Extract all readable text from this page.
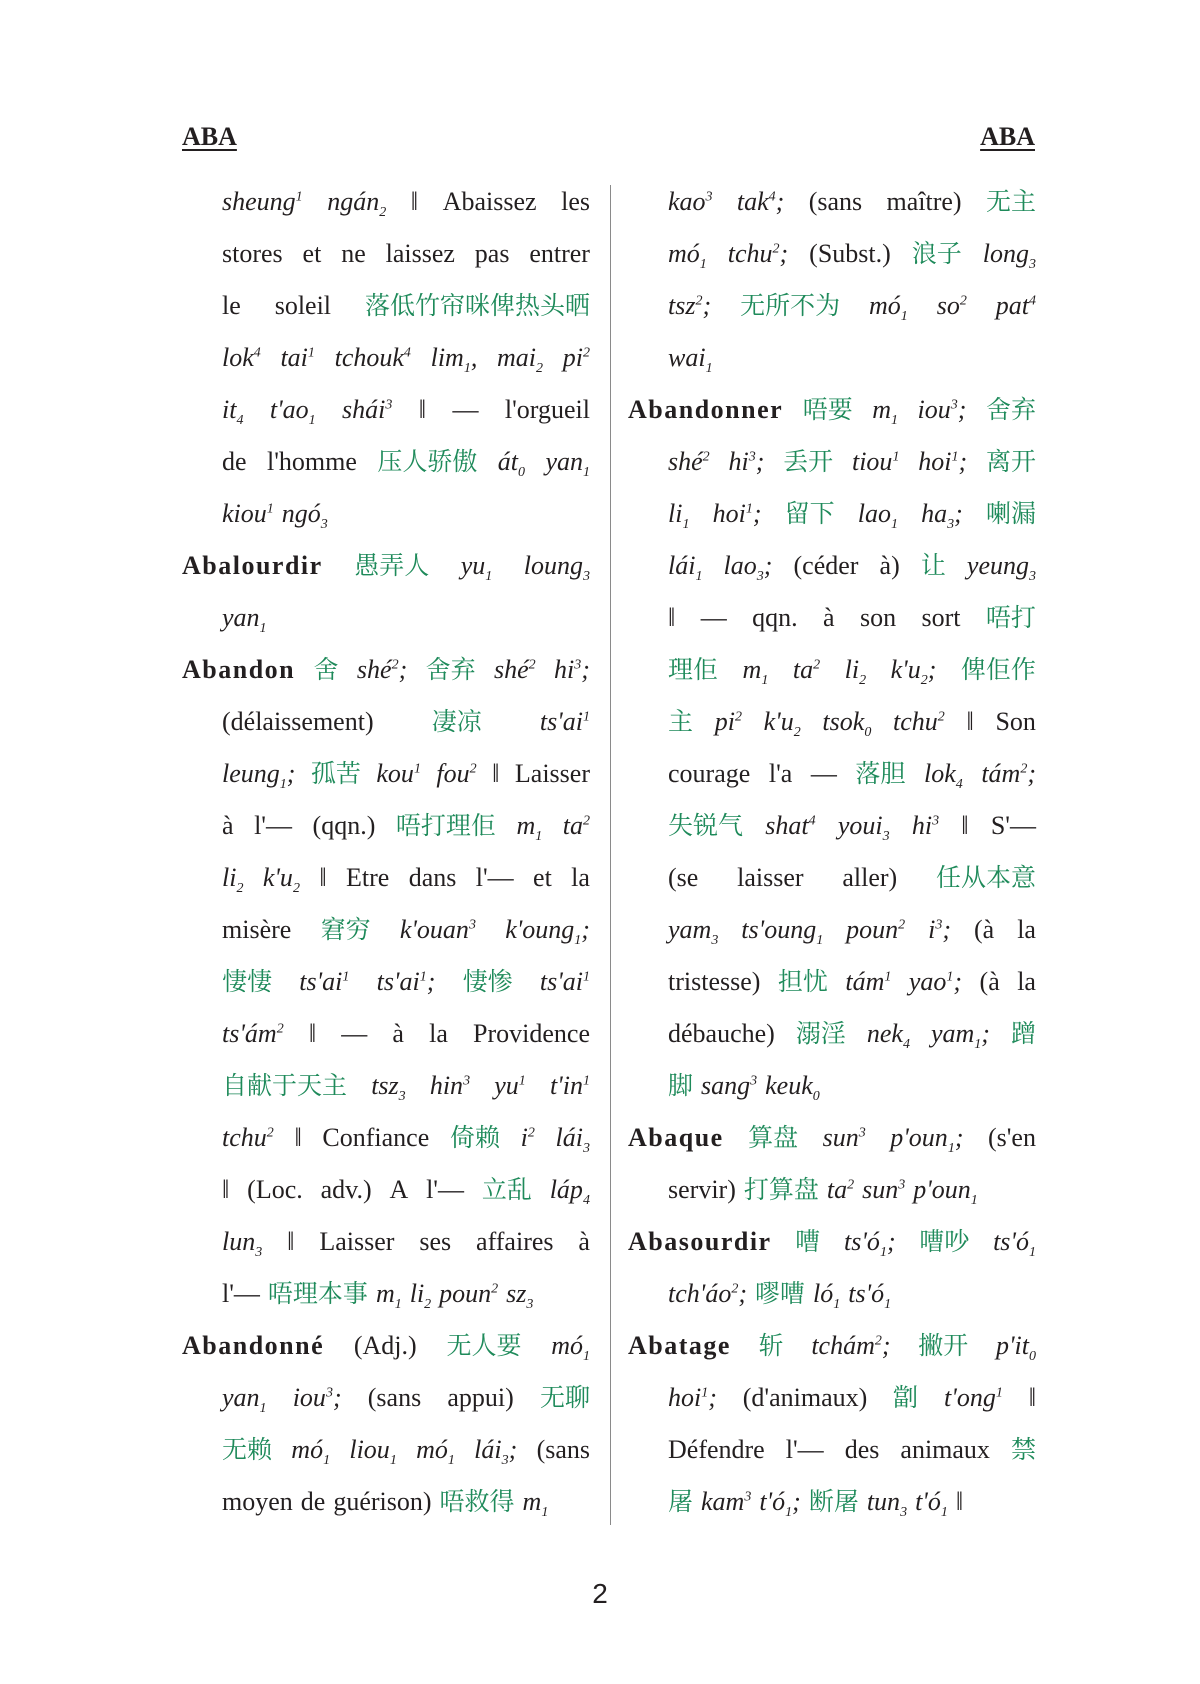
ABA	ABA
sheung$^1$ ngán$_2$ ‖ Abaissez les
stores et ne laissez pas entrer
le soleil 落低竹帘咪俾热头晒
lok$^4$ tai$^1$ tchouk$^4$ $\lim_1$, mai$_2$ $pi^2$
$it_4$ $t'ao_1$ shái$^3$ ‖ — l'orgueil
de l'homme 压人骄傲 $át_0$ yan$_1$
kiou$^1$ ngó$_3$
Abalourdir 愚弄人 $yu_1$ loung$_3$
yan$_1$
Abandon 舍 shé$^2$; 舍弃 shé$^2$ $hi^3$;
(délaissement) 凄凉 $ts'ai^1$
leung$_1$; 孤苦 kou$^1$ fou$^2$ ‖ Laisser
à l'— (qqn.) 唔打理佢 $m_1$ $ta^2$
$li_2$ $k'u_2$ ‖ Etre dans l'— et la
misère 窘穷 k'ouan$^3$ k'oung$_1$;
悽悽 $ts'ai^1$ $ts'ai^1$; 悽惨 $ts'ai^1$
$ts'ám^2$ ‖ — à la Providence
自献于天主 tsz$_3$ hin$^3$ $yu^1$ $t'in^1$
tchu$^2$ ‖ Confiance 倚赖 $i^2$ lái$_3$
‖ (Loc. adv.) A l'— 立乱 láp$_4$
lun$_3$ ‖ Laisser ses affaires à
l'— 唔理本事 $m_1$ $li_2$ poun$^2$ $sz_3$
Abandonné (Adj.) 无人要 $mó_1$
yan$_1$ iou$^3$; (sans appui) 无聊
无赖 $mó_1$ liou$_1$ $mó_1$ lái$_3$; (sans
moyen de guérison) 唔救得 $m_1$
kao$^3$ tak$^4$; (sans maître) 无主
$mó_1$ tchu$^2$; (Subst.) 浪子 long$_3$
tsz$^2$; 无所不为 $mó_1$ $so^2$ pat$^4$
wai$_1$
Abandonner 唔要 $m_1$ iou$^3$; 舍弃
shé$^2$ $hi^3$; 丢开 tiou$^1$ hoi$^1$; 离开
$li_1$ hoi$^1$; 留下 lao$_1$ $ha_3$; 喇漏
lái$_1$ lao$_3$; (céder à) 让 yeung$_3$
‖ — qqn. à son sort 唔打
理佢 $m_1$ $ta^2$ $li_2$ $k'u_2$; 俾佢作
主 $pi^2$ $k'u_2$ tsok$_0$ tchu$^2$ ‖ Son
courage l'a — 落胆 lok$_4$ tám$^2$;
失锐气 shat$^4$ youi$_3$ $hi^3$ ‖ S'—
(se laisser aller) 任从本意
yam$_3$ ts'oung$_1$ poun$^2$ $i^3$; (à la
tristesse) 担忧 tám$^1$ yao$^1$; (à la
débauche) 溺淫 nek$_4$ yam$_1$; 蹭
脚 sang$^3$ keuk$_0$
Abaque 算盘 sun$^3$ p'oun$_1$; (s'en
servir) 打算盘 $ta^2$ sun$^3$ p'oun$_1$
Abasourdir 嘈 $ts'ó_1$; 嘈吵 $ts'ó_1$
$tch'áo^2$; 嘐嘈 $ló_1$ $ts'ó_1$
Abatage 斩 tchám$^2$; 撇开 $p'it_0$
hoi$^1$; (d'animaux) 劏 t'ong$^1$ ‖
Défendre l'— des animaux 禁
屠 kam$^3$ $t'ó_1$; 断屠 tun$_3$ $t'ó_1$ ‖
2
